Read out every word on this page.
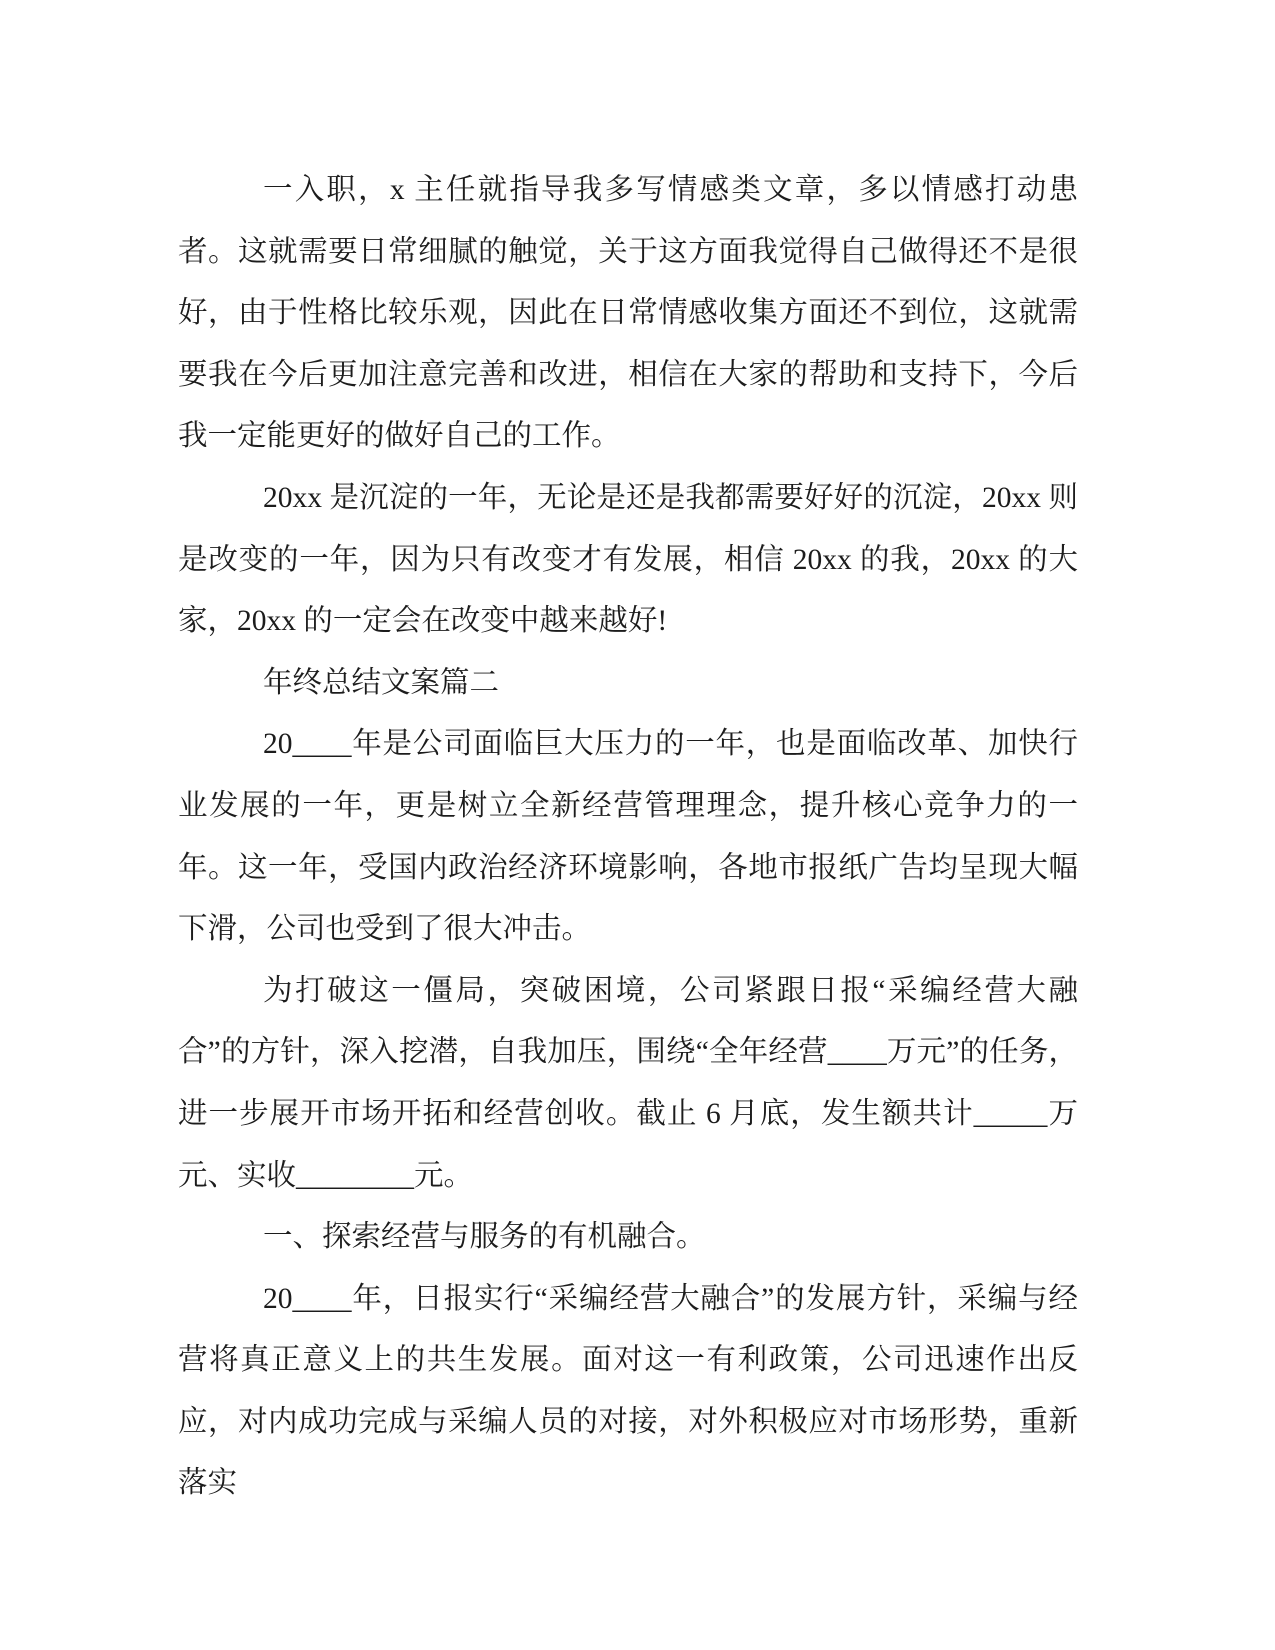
一入职，x 主任就指导我多写情感类文章，多以情感打动患者。这就需要日常细腻的触觉，关于这方面我觉得自己做得还不是很好，由于性格比较乐观，因此在日常情感收集方面还不到位，这就需要我在今后更加注意完善和改进，相信在大家的帮助和支持下，今后我一定能更好的做好自己的工作。

20xx 是沉淀的一年，无论是还是我都需要好好的沉淀，20xx 则是改变的一年，因为只有改变才有发展，相信 20xx 的我，20xx 的大家，20xx 的一定会在改变中越来越好!

年终总结文案篇二

20____年是公司面临巨大压力的一年，也是面临改革、加快行业发展的一年，更是树立全新经营管理理念，提升核心竞争力的一年。这一年，受国内政治经济环境影响，各地市报纸广告均呈现大幅下滑，公司也受到了很大冲击。

为打破这一僵局，突破困境，公司紧跟日报“采编经营大融合”的方针，深入挖潜，自我加压，围绕“全年经营____万元”的任务，进一步展开市场开拓和经营创收。截止 6 月底，发生额共计_____万元、实收________元。

一、探索经营与服务的有机融合。

20____年，日报实行“采编经营大融合”的发展方针，采编与经营将真正意义上的共生发展。面对这一有利政策，公司迅速作出反应，对内成功完成与采编人员的对接，对外积极应对市场形势，重新落实
